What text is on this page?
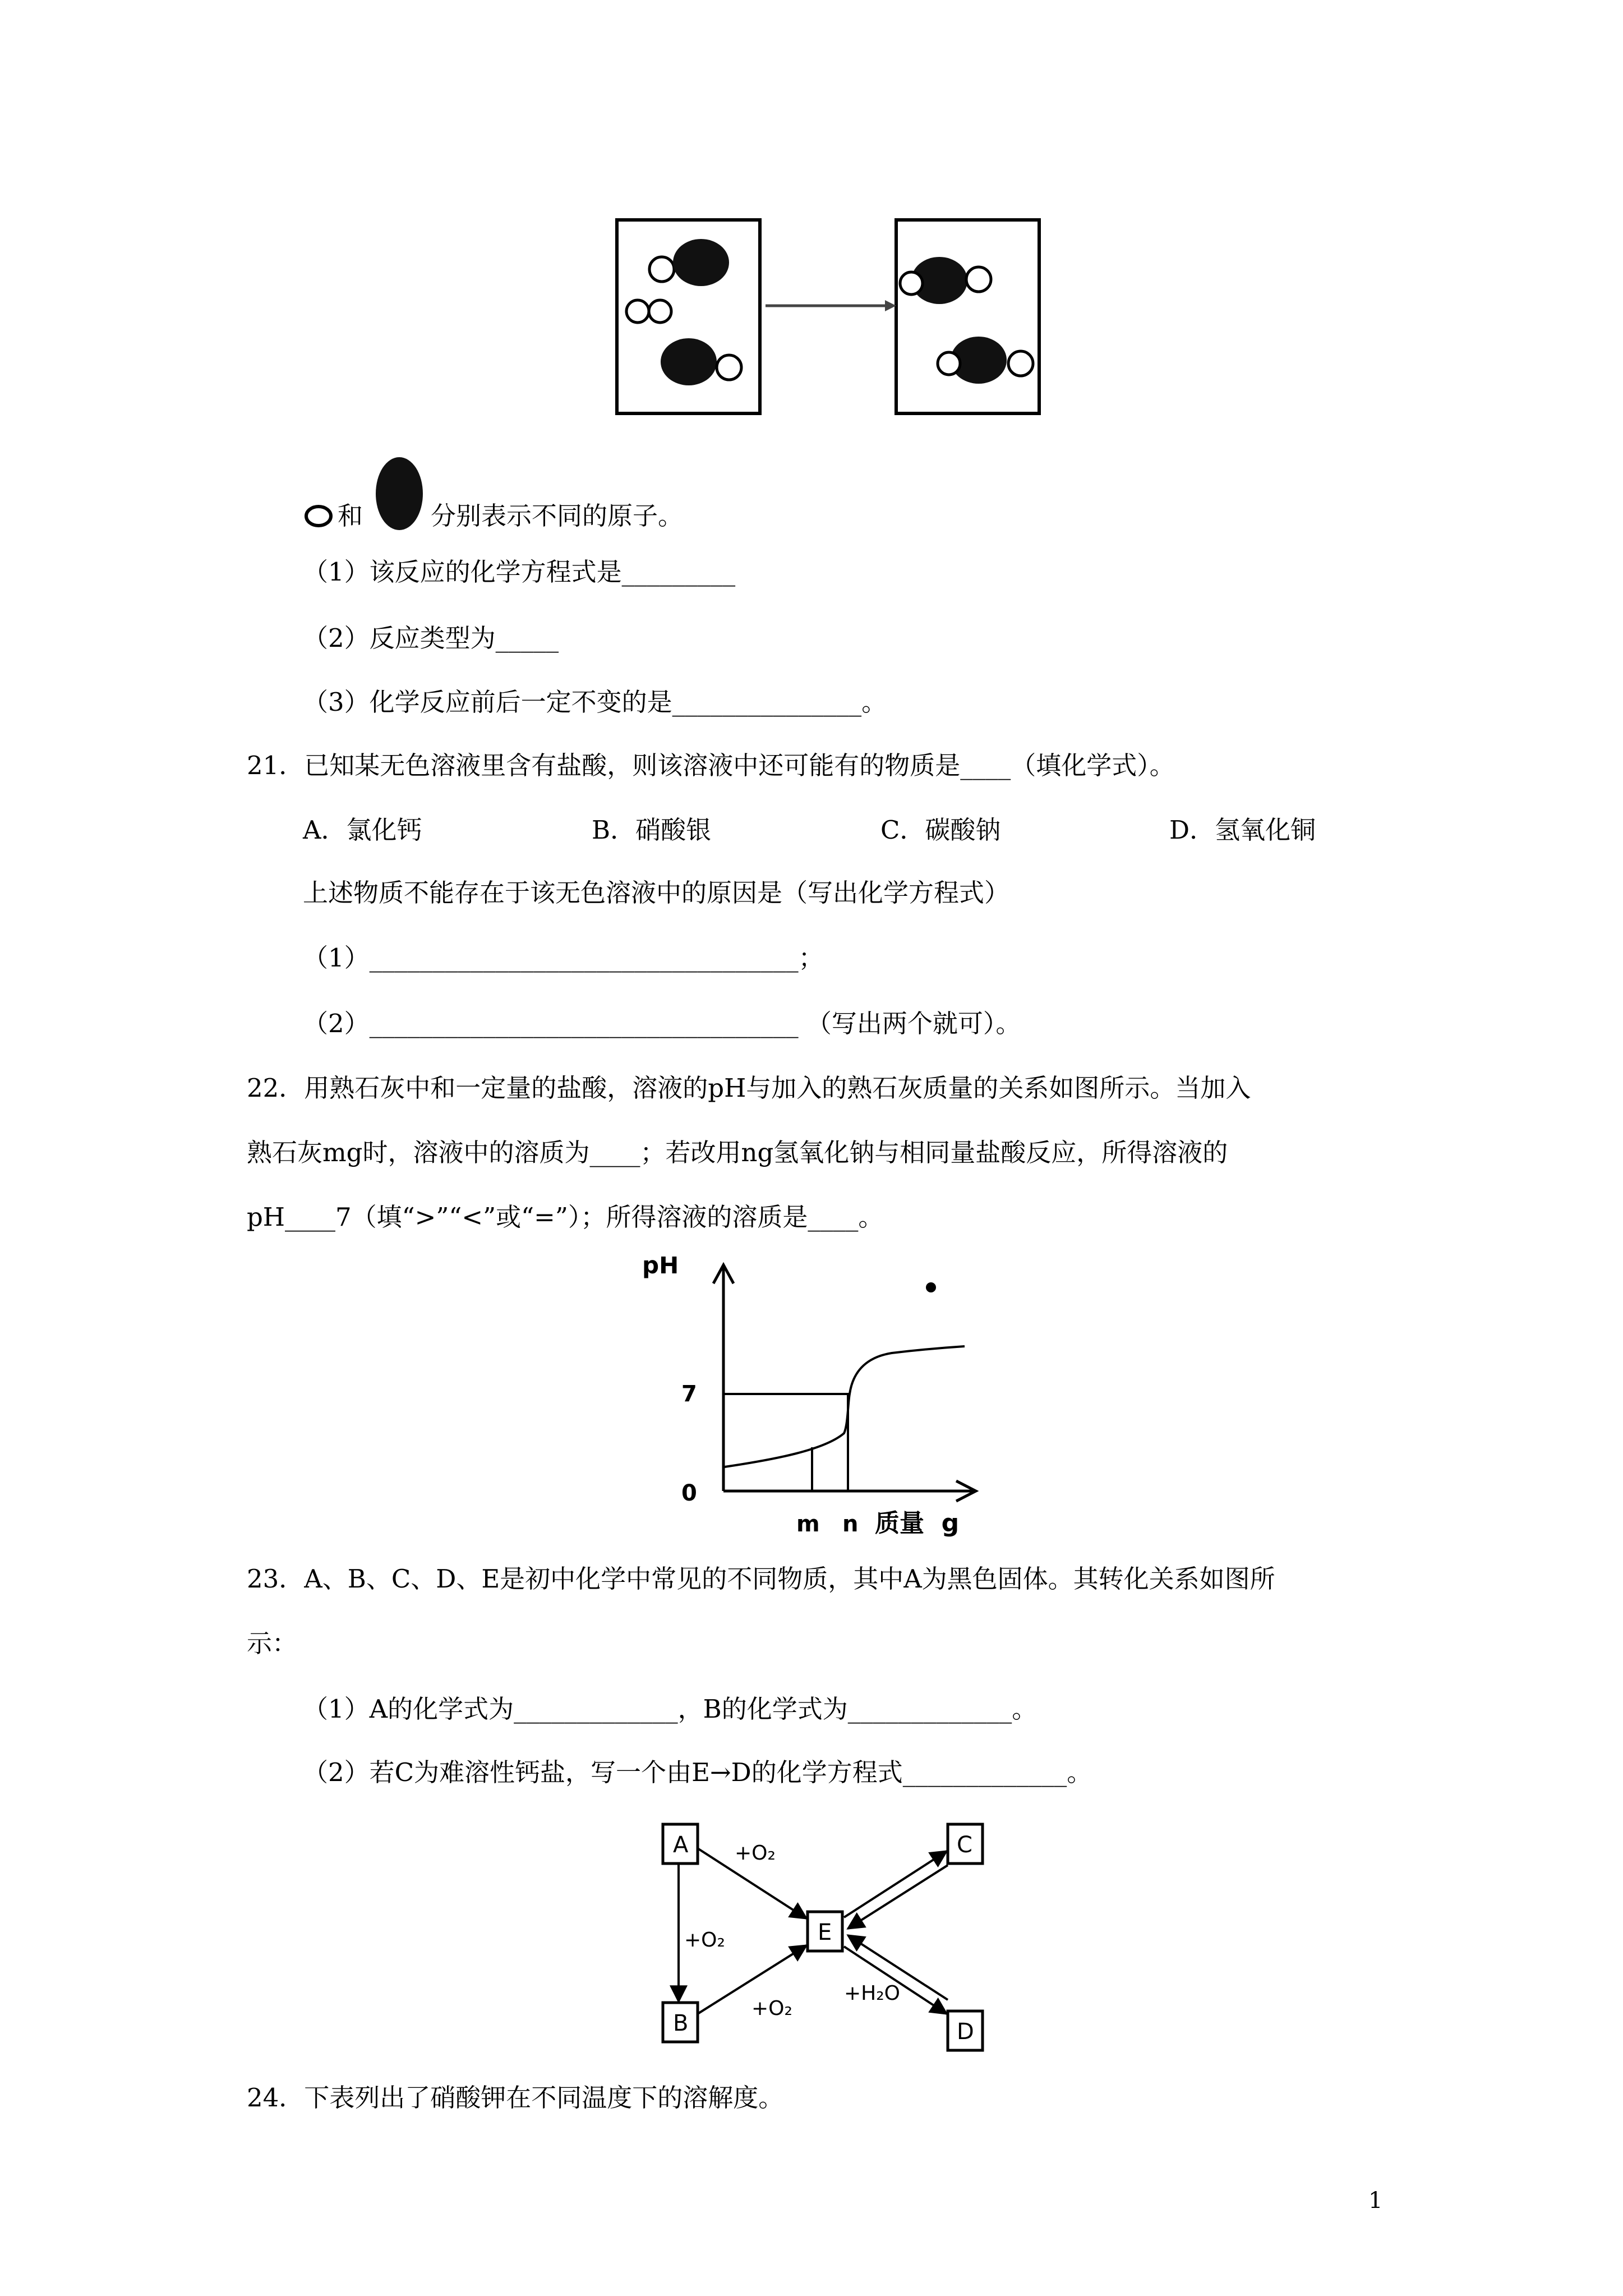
和	分别表示不同的原子。
（1）该反应的化学方程式是_________
（2）反应类型为_____
（3）化学反应前后一定不变的是_______________。
21．已知某无色溶液里含有盐酸，则该溶液中还可能有的物质是____（填化学式）。
A．氯化钙	B．硝酸银	C．碳酸钠	D．氢氧化铜
上述物质不能存在于该无色溶液中的原因是（写出化学方程式）
（1）__________________________________；
（2）__________________________________ （写出两个就可）。
22．用熟石灰中和一定量的盐酸，溶液的pH与加入的熟石灰质量的关系如图所示。当加入
熟石灰mg时，溶液中的溶质为____；若改用ng氢氧化钠与相同量盐酸反应，所得溶液的
pH____7（填“>”“<”或“=”）；所得溶液的溶质是____。
pH
7
0
m n 质量  g
23．A、B、C、D、E是初中化学中常见的不同物质，其中A为黑色固体。其转化关系如图所
示：
（1）A的化学式为_____________，B的化学式为_____________。
（2）若C为难溶性钙盐，写一个由E→D的化学方程式_____________。
A
B
C
D
E
+O₂
+O₂
+O₂
+H₂O
24．下表列出了硝酸钾在不同温度下的溶解度。
1
